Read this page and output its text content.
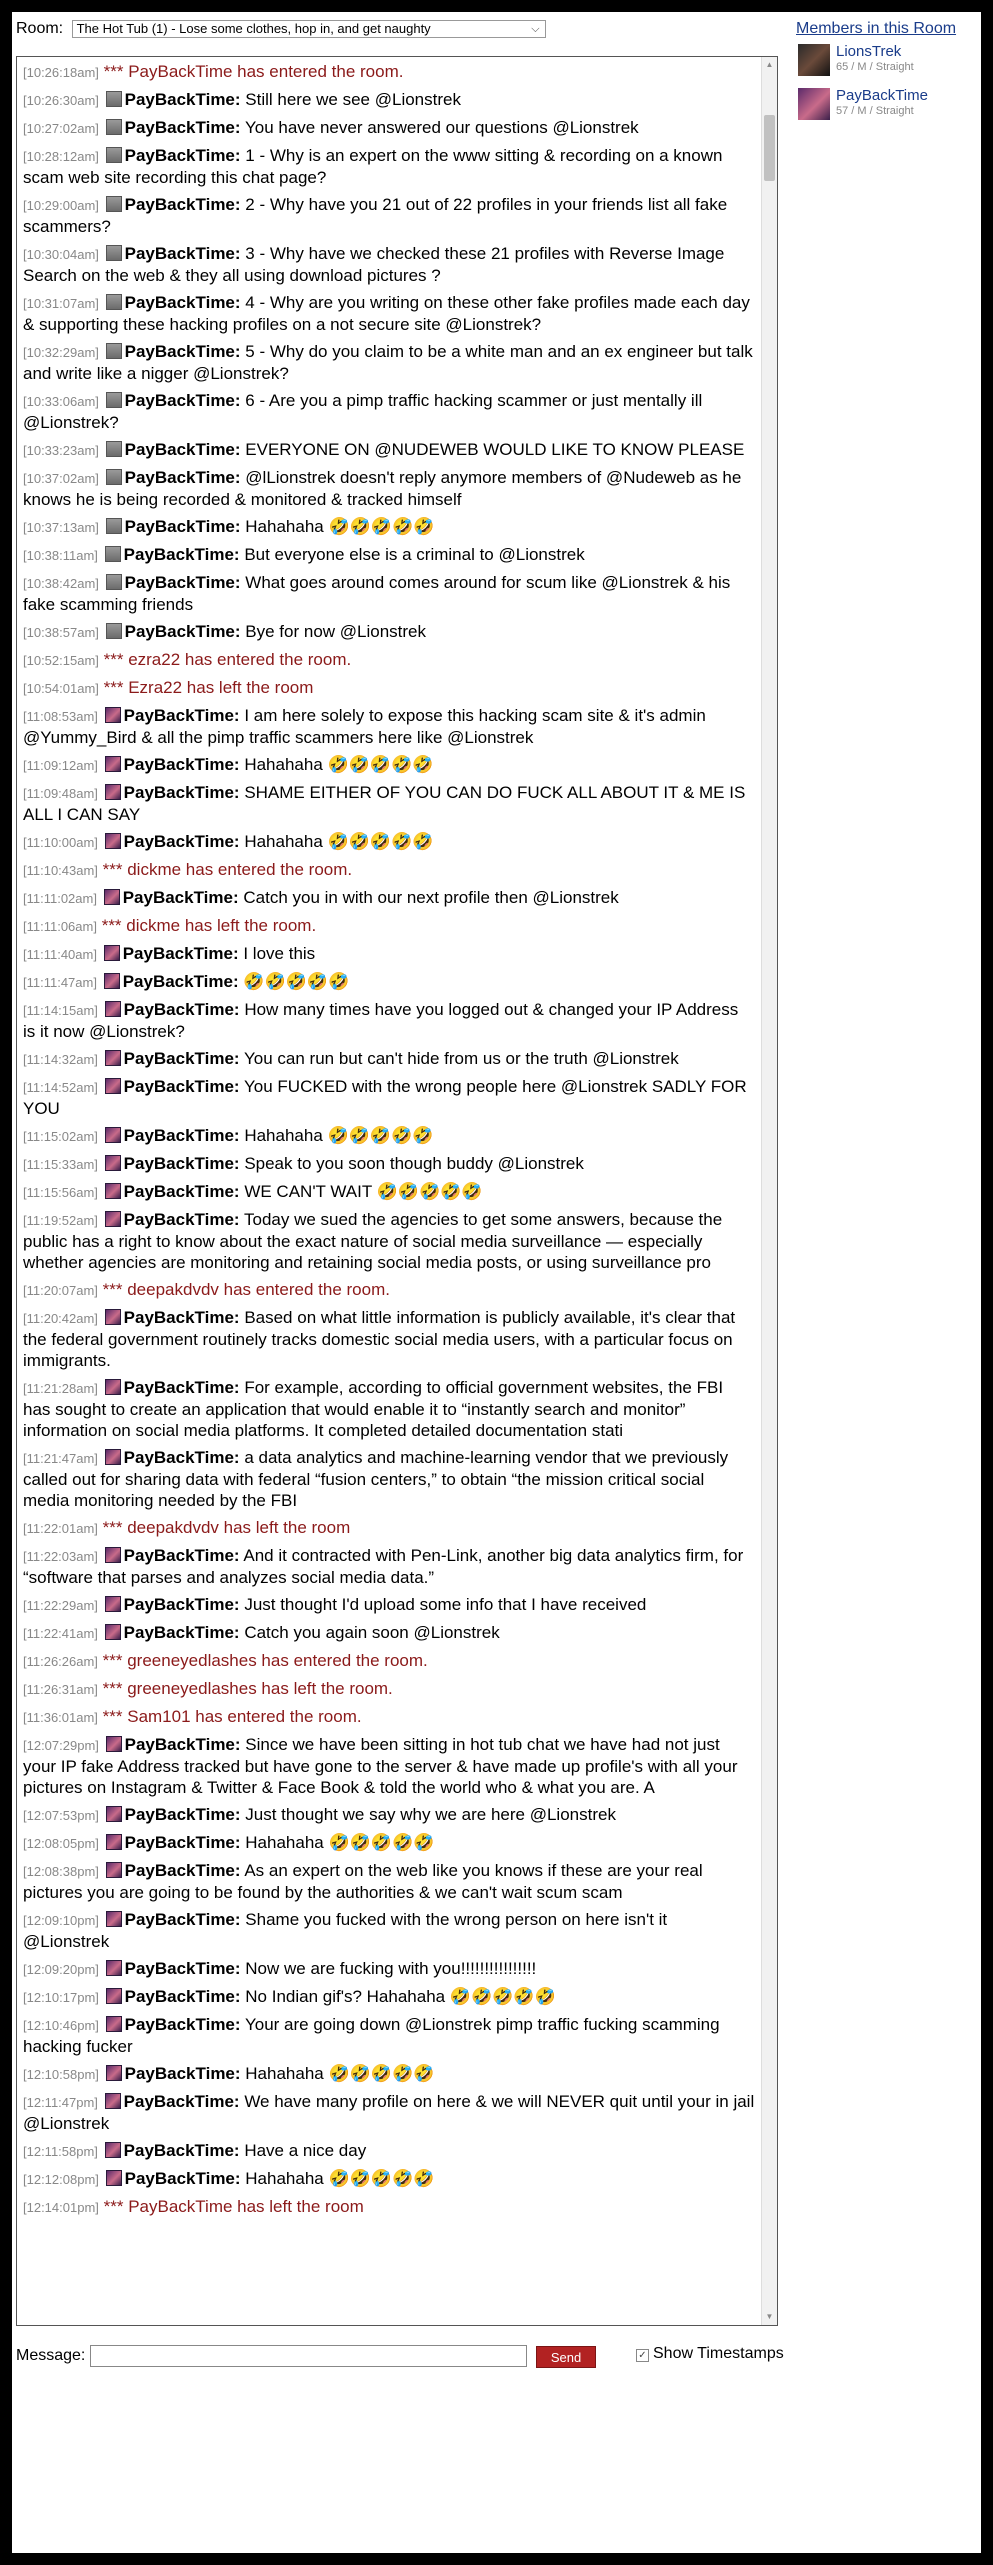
Room: The Hot Tub (1) - Lose some clothes, hop in, and get naughty	⌵
[10:26:18am] *** PayBackTime has entered the room.
[10:26:30am] PayBackTime: Still here we see @Lionstrek
[10:27:02am] PayBackTime: You have never answered our questions @Lionstrek
[10:28:12am] PayBackTime: 1 - Why is an expert on the www sitting & recording on a known scam web site recording this chat page?
[10:29:00am] PayBackTime: 2 - Why have you 21 out of 22 profiles in your friends list all fake scammers?
[10:30:04am] PayBackTime: 3 - Why have we checked these 21 profiles with Reverse Image Search on the web & they all using download pictures ?
[10:31:07am] PayBackTime: 4 - Why are you writing on these other fake profiles made each day & supporting these hacking profiles on a not secure site @Lionstrek?
[10:32:29am] PayBackTime: 5 - Why do you claim to be a white man and an ex engineer but talk and write like a nigger @Lionstrek?
[10:33:06am] PayBackTime: 6 - Are you a pimp traffic hacking scammer or just mentally ill @Lionstrek?
[10:33:23am] PayBackTime: EVERYONE ON @NUDEWEB WOULD LIKE TO KNOW PLEASE
[10:37:02am] PayBackTime: @lLionstrek doesn't reply anymore members of @Nudeweb as he knows he is being recorded & monitored & tracked himself
[10:37:13am] PayBackTime: Hahahaha 🤣🤣🤣🤣🤣
[10:38:11am] PayBackTime: But everyone else is a criminal to @Lionstrek
[10:38:42am] PayBackTime: What goes around comes around for scum like @Lionstrek & his fake scamming friends
[10:38:57am] PayBackTime: Bye for now @Lionstrek
[10:52:15am] *** ezra22 has entered the room.
[10:54:01am] *** Ezra22 has left the room
[11:08:53am] PayBackTime: I am here solely to expose this hacking scam site & it's admin @Yummy_Bird & all the pimp traffic scammers here like @Lionstrek
[11:09:12am] PayBackTime: Hahahaha 🤣🤣🤣🤣🤣
[11:09:48am] PayBackTime: SHAME EITHER OF YOU CAN DO FUCK ALL ABOUT IT & ME IS ALL I CAN SAY
[11:10:00am] PayBackTime: Hahahaha 🤣🤣🤣🤣🤣
[11:10:43am] *** dickme has entered the room.
[11:11:02am] PayBackTime: Catch you in with our next profile then @Lionstrek
[11:11:06am] *** dickme has left the room.
[11:11:40am] PayBackTime: I love this
[11:11:47am] PayBackTime: 🤣🤣🤣🤣🤣
[11:14:15am] PayBackTime: How many times have you logged out & changed your IP Address is it now @Lionstrek?
[11:14:32am] PayBackTime: You can run but can't hide from us or the truth @Lionstrek
[11:14:52am] PayBackTime: You FUCKED with the wrong people here @Lionstrek SADLY FOR YOU
[11:15:02am] PayBackTime: Hahahaha 🤣🤣🤣🤣🤣
[11:15:33am] PayBackTime: Speak to you soon though buddy @Lionstrek
[11:15:56am] PayBackTime: WE CAN'T WAIT 🤣🤣🤣🤣🤣
[11:19:52am] PayBackTime: Today we sued the agencies to get some answers, because the public has a right to know about the exact nature of social media surveillance — especially whether agencies are monitoring and retaining social media posts, or using surveillance pro
[11:20:07am] *** deepakdvdv has entered the room.
[11:20:42am] PayBackTime: Based on what little information is publicly available, it's clear that the federal government routinely tracks domestic social media users, with a particular focus on immigrants.
[11:21:28am] PayBackTime: For example, according to official government websites, the FBI has sought to create an application that would enable it to “instantly search and monitor” information on social media platforms. It completed detailed documentation stati
[11:21:47am] PayBackTime: a data analytics and machine-learning vendor that we previously called out for sharing data with federal “fusion centers,” to obtain “the mission critical social media monitoring needed by the FBI
[11:22:01am] *** deepakdvdv has left the room
[11:22:03am] PayBackTime: And it contracted with Pen-Link, another big data analytics firm, for “software that parses and analyzes social media data.”
[11:22:29am] PayBackTime: Just thought I'd upload some info that I have received
[11:22:41am] PayBackTime: Catch you again soon @Lionstrek
[11:26:26am] *** greeneyedlashes has entered the room.
[11:26:31am] *** greeneyedlashes has left the room.
[11:36:01am] *** Sam101 has entered the room.
[12:07:29pm] PayBackTime: Since we have been sitting in hot tub chat we have had not just your IP fake Address tracked but have gone to the server & have made up profile's with all your pictures on Instagram & Twitter & Face Book & told the world who & what you are. A
[12:07:53pm] PayBackTime: Just thought we say why we are here @Lionstrek
[12:08:05pm] PayBackTime: Hahahaha 🤣🤣🤣🤣🤣
[12:08:38pm] PayBackTime: As an expert on the web like you knows if these are your real pictures you are going to be found by the authorities & we can't wait scum scam
[12:09:10pm] PayBackTime: Shame you fucked with the wrong person on here isn't it @Lionstrek
[12:09:20pm] PayBackTime: Now we are fucking with you!!!!!!!!!!!!!!!!
[12:10:17pm] PayBackTime: No Indian gif's? Hahahaha 🤣🤣🤣🤣🤣
[12:10:46pm] PayBackTime: Your are going down @Lionstrek pimp traffic fucking scamming hacking fucker
[12:10:58pm] PayBackTime: Hahahaha 🤣🤣🤣🤣🤣
[12:11:47pm] PayBackTime: We have many profile on here & we will NEVER quit until your in jail @Lionstrek
[12:11:58pm] PayBackTime: Have a nice day
[12:12:08pm] PayBackTime: Hahahaha 🤣🤣🤣🤣🤣
[12:14:01pm] *** PayBackTime has left the room
▲
▼
Members in this Room
LionsTrek
65 / M / Straight
PayBackTime
57 / M / Straight
Message:	Send	✓ Show Timestamps
